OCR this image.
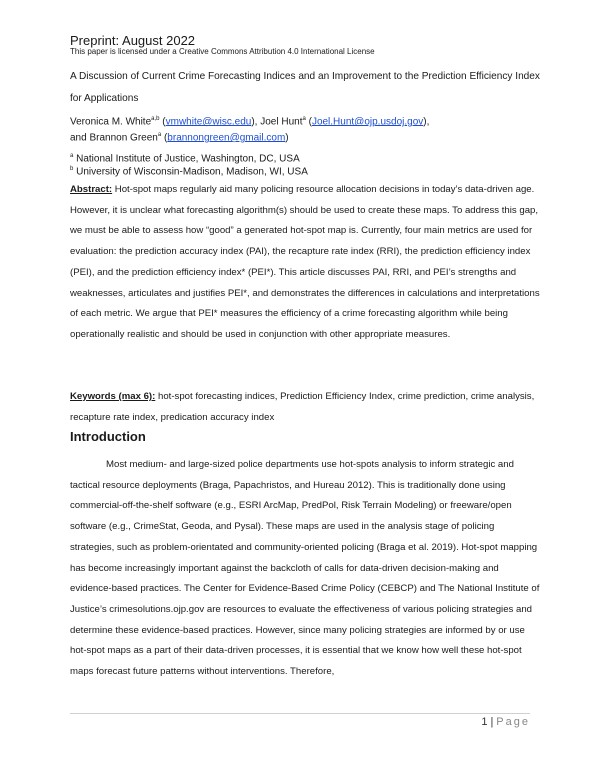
Preprint: August 2022
This paper is licensed under a Creative Commons Attribution 4.0 International License
A Discussion of Current Crime Forecasting Indices and an Improvement to the Prediction Efficiency Index
for Applications
Veronica M. White$^{a,b}$ (vmwhite@wisc.edu), Joel Hunt$^a$ (Joel.Hunt@ojp.usdoj.gov),
and Brannon Green$^a$ (brannongreen@gmail.com)
$^a$ National Institute of Justice, Washington, DC, USA
$^b$ University of Wisconsin-Madison, Madison, WI, USA

Abstract: Hot-spot maps regularly aid many policing resource allocation decisions in today’s data-driven age. However, it is unclear what forecasting algorithm(s) should be used to create these maps. To address this gap, we must be able to assess how “good” a generated hot-spot map is. Currently, four main metrics are used for evaluation: the prediction accuracy index (PAI), the recapture rate index (RRI), the prediction efficiency index (PEI), and the prediction efficiency index* (PEI*). This article discusses PAI, RRI, and PEI’s strengths and weaknesses, articulates and justifies PEI*, and demonstrates the differences in calculations and interpretations of each metric. We argue that PEI* measures the efficiency of a crime forecasting algorithm while being operationally realistic and should be used in conjunction with other appropriate measures.

Keywords (max 6): hot-spot forecasting indices, Prediction Efficiency Index, crime prediction, crime analysis, recapture rate index, predication accuracy index

Introduction

Most medium- and large-sized police departments use hot-spots analysis to inform strategic and tactical resource deployments (Braga, Papachristos, and Hureau 2012). This is traditionally done using commercial-off-the-shelf software (e.g., ESRI ArcMap, PredPol, Risk Terrain Modeling) or freeware/open software (e.g., CrimeStat, Geoda, and Pysal). These maps are used in the analysis stage of policing strategies, such as problem-orientated and community-oriented policing (Braga et al. 2019). Hot-spot mapping has become increasingly important against the backcloth of calls for data-driven decision-making and evidence-based practices. The Center for Evidence-Based Crime Policy (CEBCP) and The National Institute of Justice’s crimesolutions.ojp.gov are resources to evaluate the effectiveness of various policing strategies and determine these evidence-based practices. However, since many policing strategies are informed by or use hot-spot maps as a part of their data-driven processes, it is essential that we know how well these hot-spot maps forecast future patterns without interventions. Therefore,

1 | Page
